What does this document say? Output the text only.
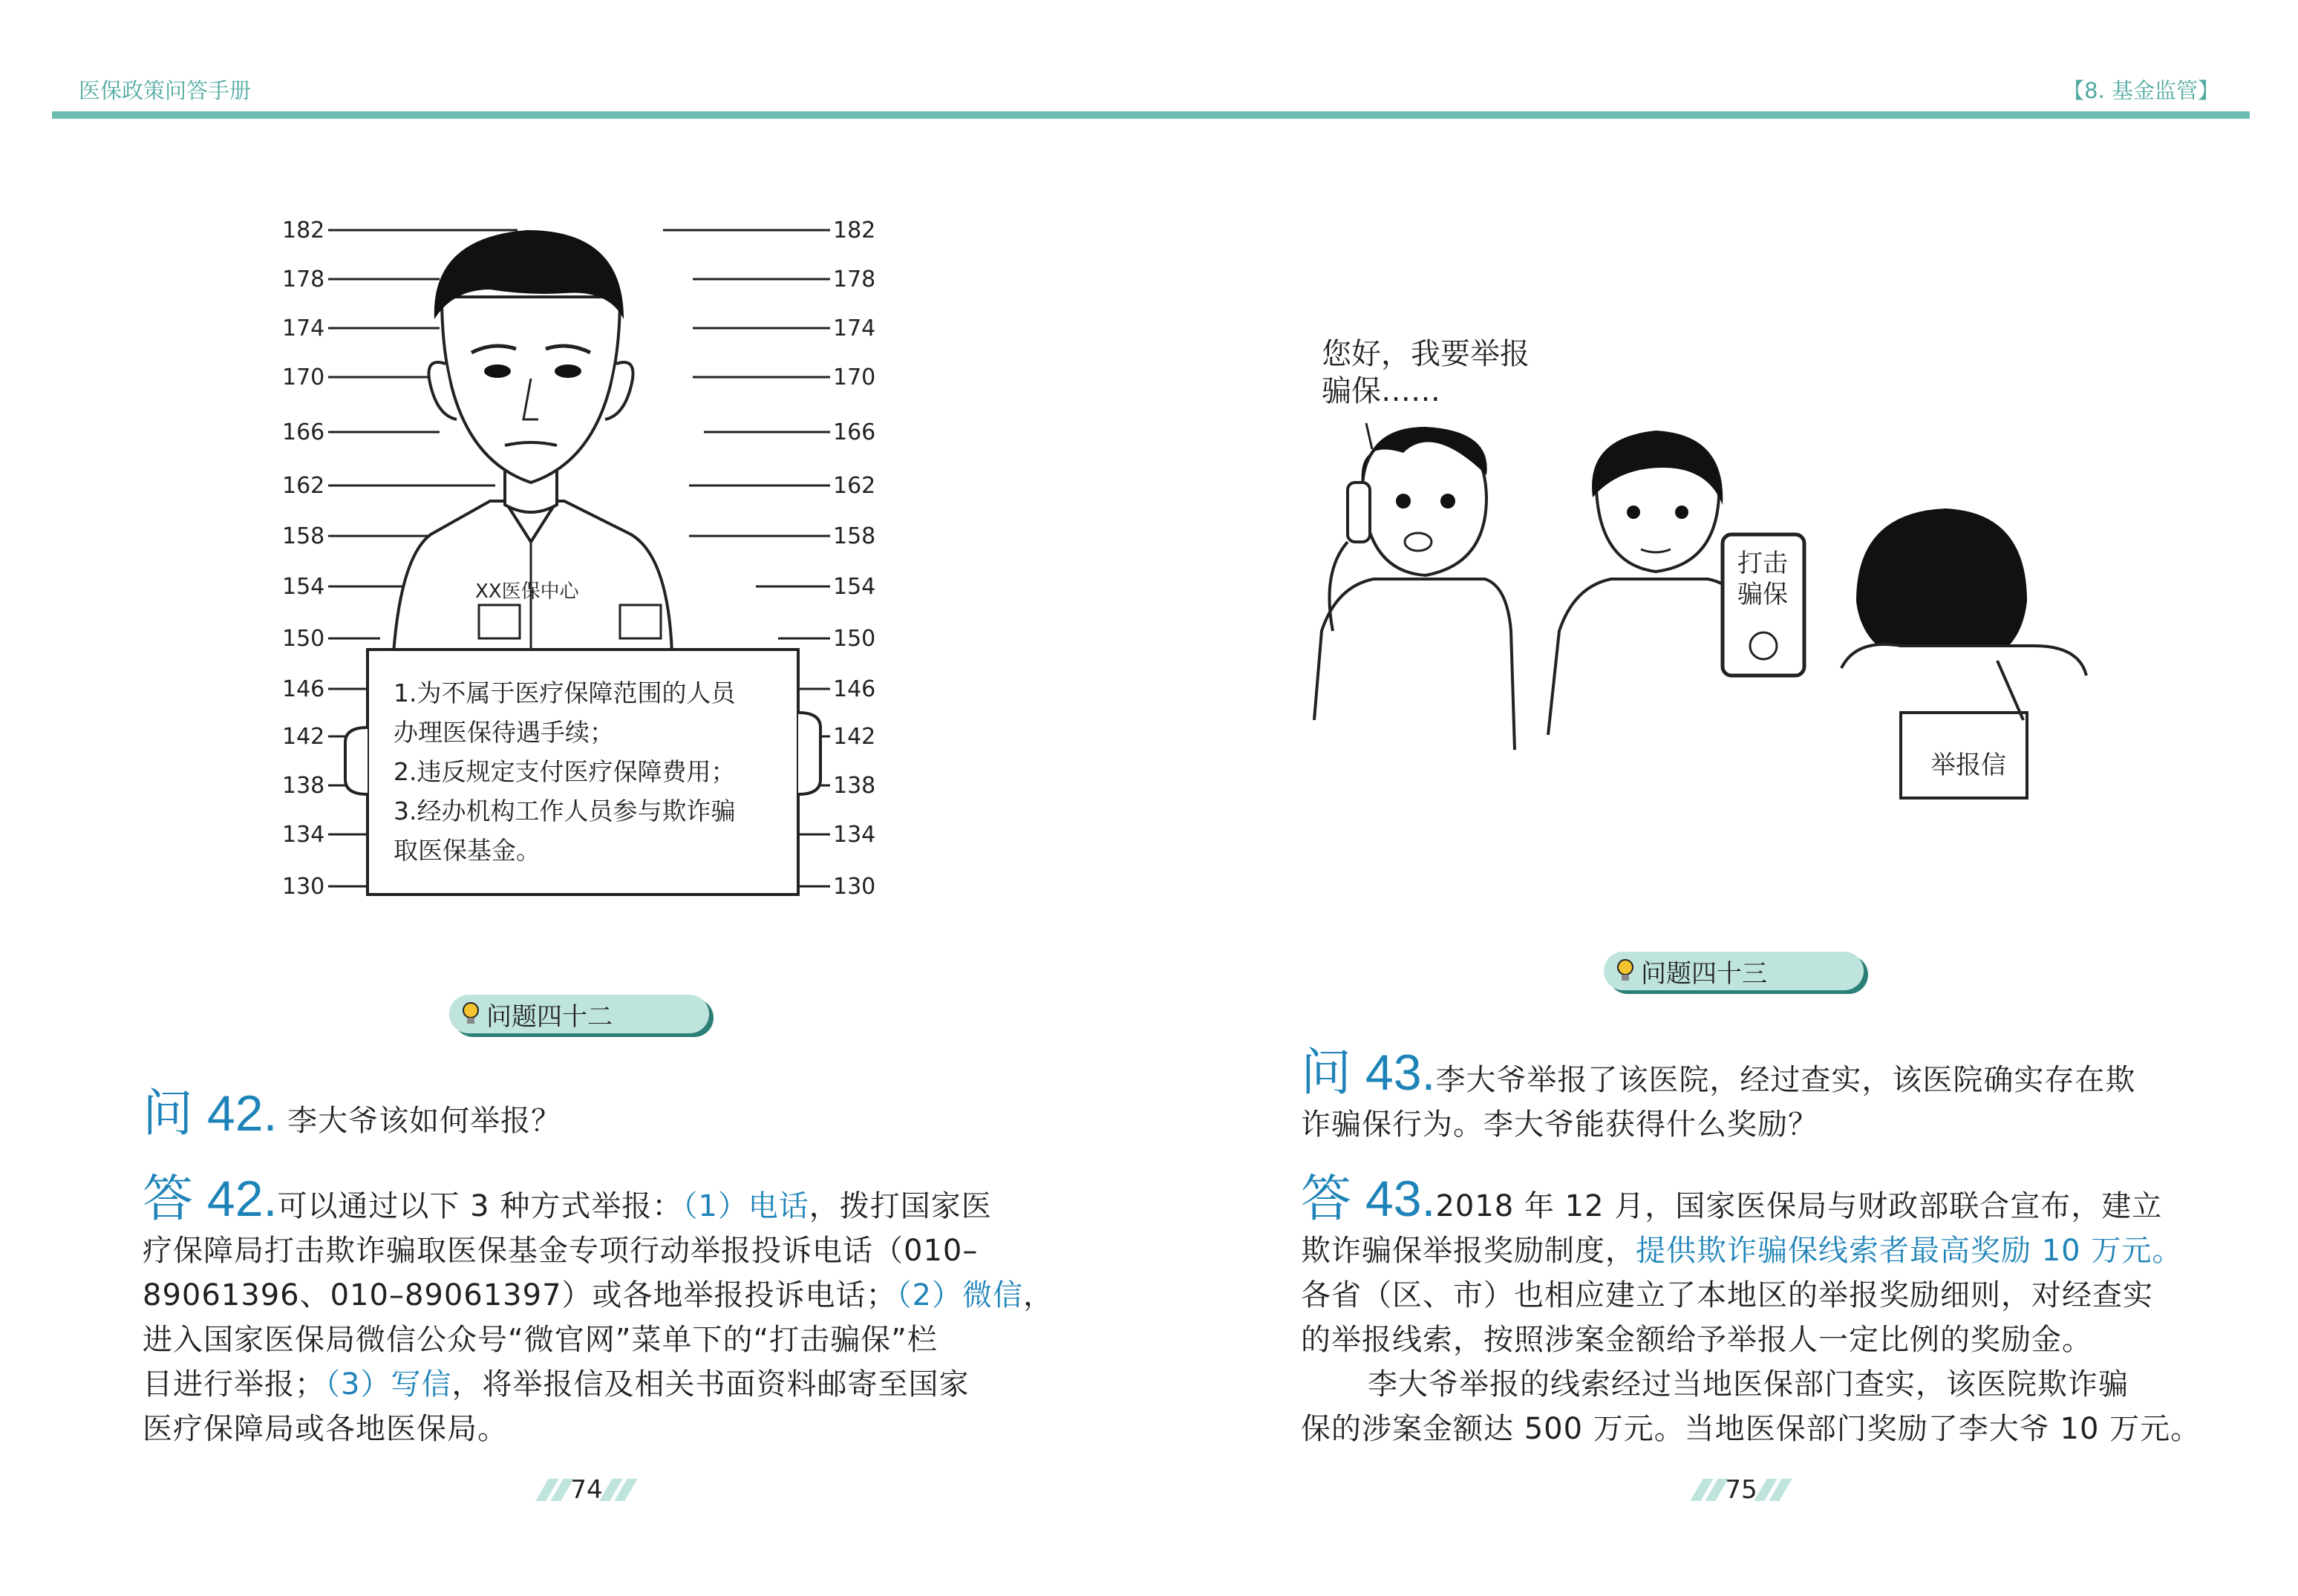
医保政策问答手册	【8. 基金监管】
182	182
178	178
174	174
170	170
166	166
162	162
158	158
154	154
150	150
146	146
142	142
138	138
134	134
130	130
XX医保中心
1.为不属于医疗保障范围的人员
办理医保待遇手续；
2.违反规定支付医疗保障费用；
3.经办机构工作人员参与欺诈骗
取医保基金。
您好，我要举报
骗保……
打击
骗保
举报信
问题四十二
问题四十三
问 42. 李大爷该如何举报？
答 42.可以通过以下 3 种方式举报：（1）电话，拨打国家医
疗保障局打击欺诈骗取医保基金专项行动举报投诉电话（010–
89061396、010–89061397）或各地举报投诉电话；（2）微信，
进入国家医保局微信公众号“微官网”菜单下的“打击骗保”栏
目进行举报；（3）写信，将举报信及相关书面资料邮寄至国家
医疗保障局或各地医保局。
问 43.李大爷举报了该医院，经过查实，该医院确实存在欺
诈骗保行为。李大爷能获得什么奖励？
答 43.2018 年 12 月，国家医保局与财政部联合宣布，建立
欺诈骗保举报奖励制度，提供欺诈骗保线索者最高奖励 10 万元。
各省（区、市）也相应建立了本地区的举报奖励细则，对经查实
的举报线索，按照涉案金额给予举报人一定比例的奖励金。
李大爷举报的线索经过当地医保部门查实，该医院欺诈骗
保的涉案金额达 500 万元。当地医保部门奖励了李大爷 10 万元。
74	75
